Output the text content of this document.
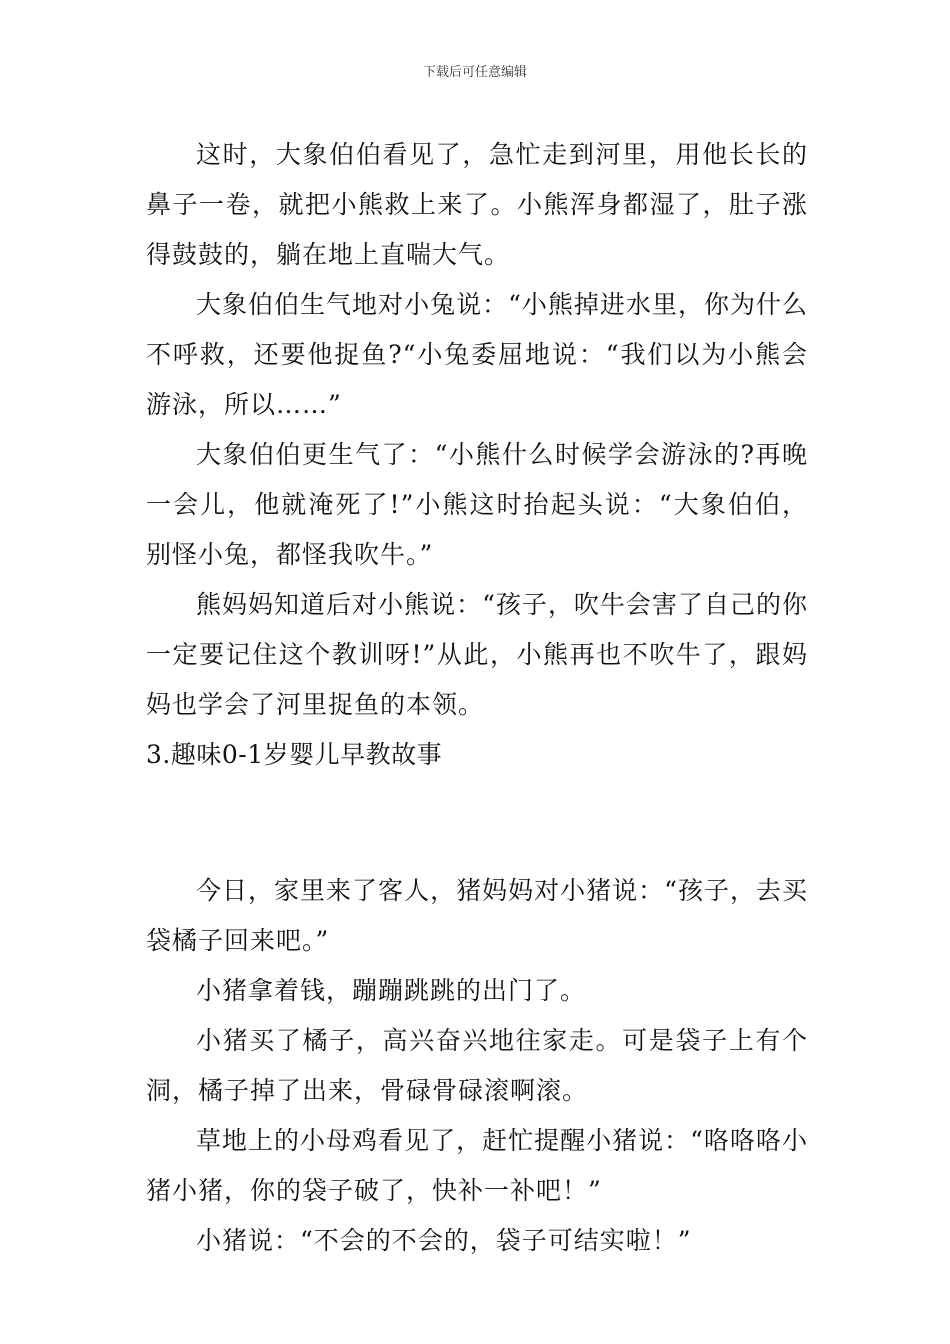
下载后可任意编辑

这时，大象伯伯看见了，急忙走到河里，用他长长的鼻子一卷，就把小熊救上来了。小熊浑身都湿了，肚子涨得鼓鼓的，躺在地上直喘大气。

大象伯伯生气地对小兔说：“小熊掉进水里，你为什么不呼救，还要他捉鱼?“小兔委屈地说：“我们以为小熊会游泳，所以……”

大象伯伯更生气了：“小熊什么时候学会游泳的?再晚一会儿，他就淹死了!”小熊这时抬起头说：“大象伯伯，别怪小兔，都怪我吹牛。”

熊妈妈知道后对小熊说：“孩子，吹牛会害了自己的你一定要记住这个教训呀!”从此，小熊再也不吹牛了，跟妈妈也学会了河里捉鱼的本领。

3.趣味0-1岁婴儿早教故事

今日，家里来了客人，猪妈妈对小猪说：“孩子，去买袋橘子回来吧。”

小猪拿着钱，蹦蹦跳跳的出门了。

小猪买了橘子，高兴奋兴地往家走。可是袋子上有个洞，橘子掉了出来，骨碌骨碌滚啊滚。

草地上的小母鸡看见了，赶忙提醒小猪说：“咯咯咯小猪小猪，你的袋子破了，快补一补吧！”

小猪说：“不会的不会的，袋子可结实啦！”
